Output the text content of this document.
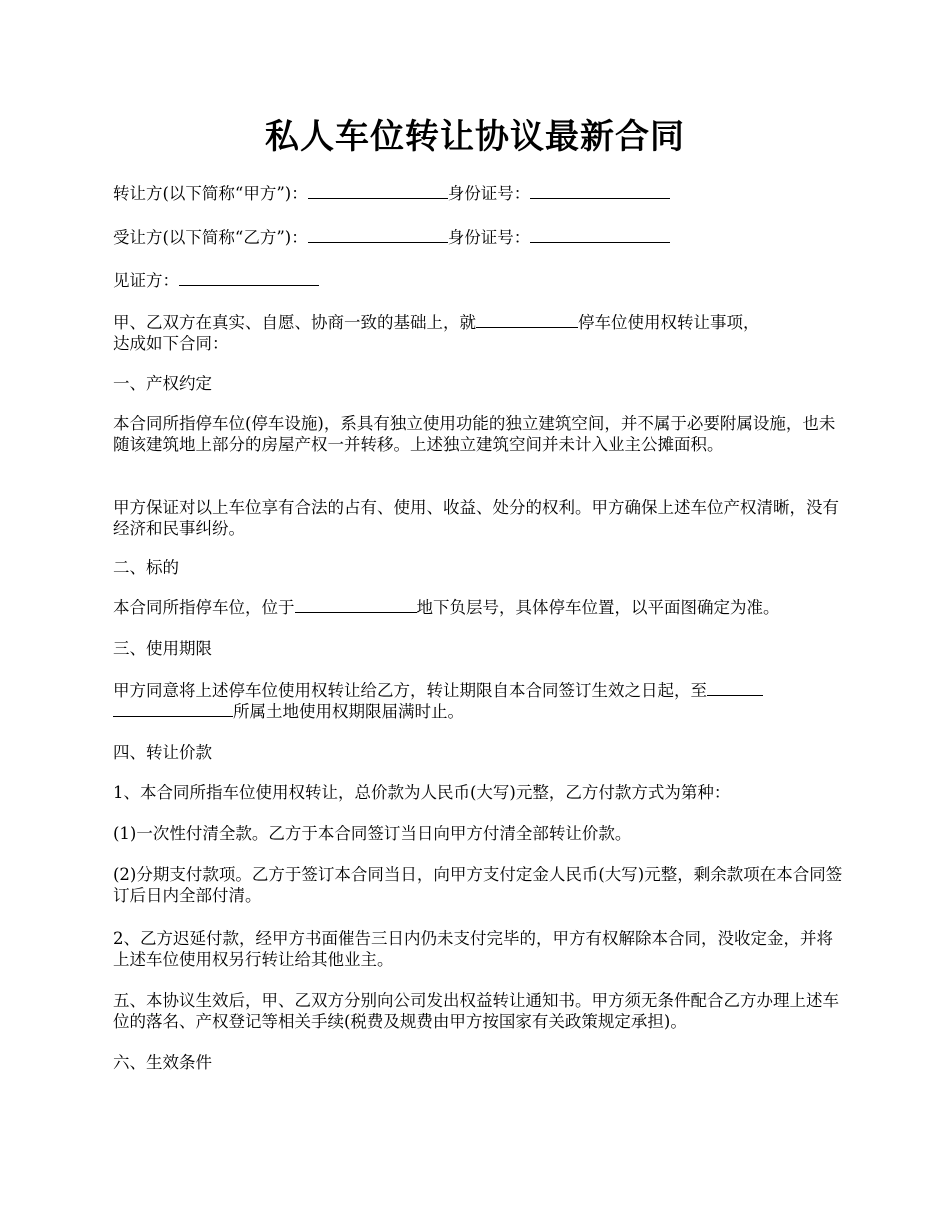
私人车位转让协议最新合同

转让方(以下简称“甲方”)：	身份证号：

受让方(以下简称“乙方”)：	身份证号：

见证方：

甲、乙双方在真实、自愿、协商一致的基础上，就	停车位使用权转让事项，

达成如下合同：

一、产权约定

本合同所指停车位(停车设施)，系具有独立使用功能的独立建筑空间，并不属于必要附属设施，也未随该建筑地上部分的房屋产权一并转移。上述独立建筑空间并未计入业主公摊面积。

甲方保证对以上车位享有合法的占有、使用、收益、处分的权利。甲方确保上述车位产权清晰，没有经济和民事纠纷。

二、标的

本合同所指停车位，位于	地下负层号，具体停车位置，以平面图确定为准。

三、使用期限

甲方同意将上述停车位使用权转让给乙方，转让期限自本合同签订生效之日起，至

所属土地使用权期限届满时止。

四、转让价款

1、本合同所指车位使用权转让，总价款为人民币(大写)元整，乙方付款方式为第种：

(1)一次性付清全款。乙方于本合同签订当日向甲方付清全部转让价款。

(2)分期支付款项。乙方于签订本合同当日，向甲方支付定金人民币(大写)元整，剩余款项在本合同签订后日内全部付清。

2、乙方迟延付款，经甲方书面催告三日内仍未支付完毕的，甲方有权解除本合同，没收定金，并将上述车位使用权另行转让给其他业主。

五、本协议生效后，甲、乙双方分别向公司发出权益转让通知书。甲方须无条件配合乙方办理上述车位的落名、产权登记等相关手续(税费及规费由甲方按国家有关政策规定承担)。

六、生效条件
